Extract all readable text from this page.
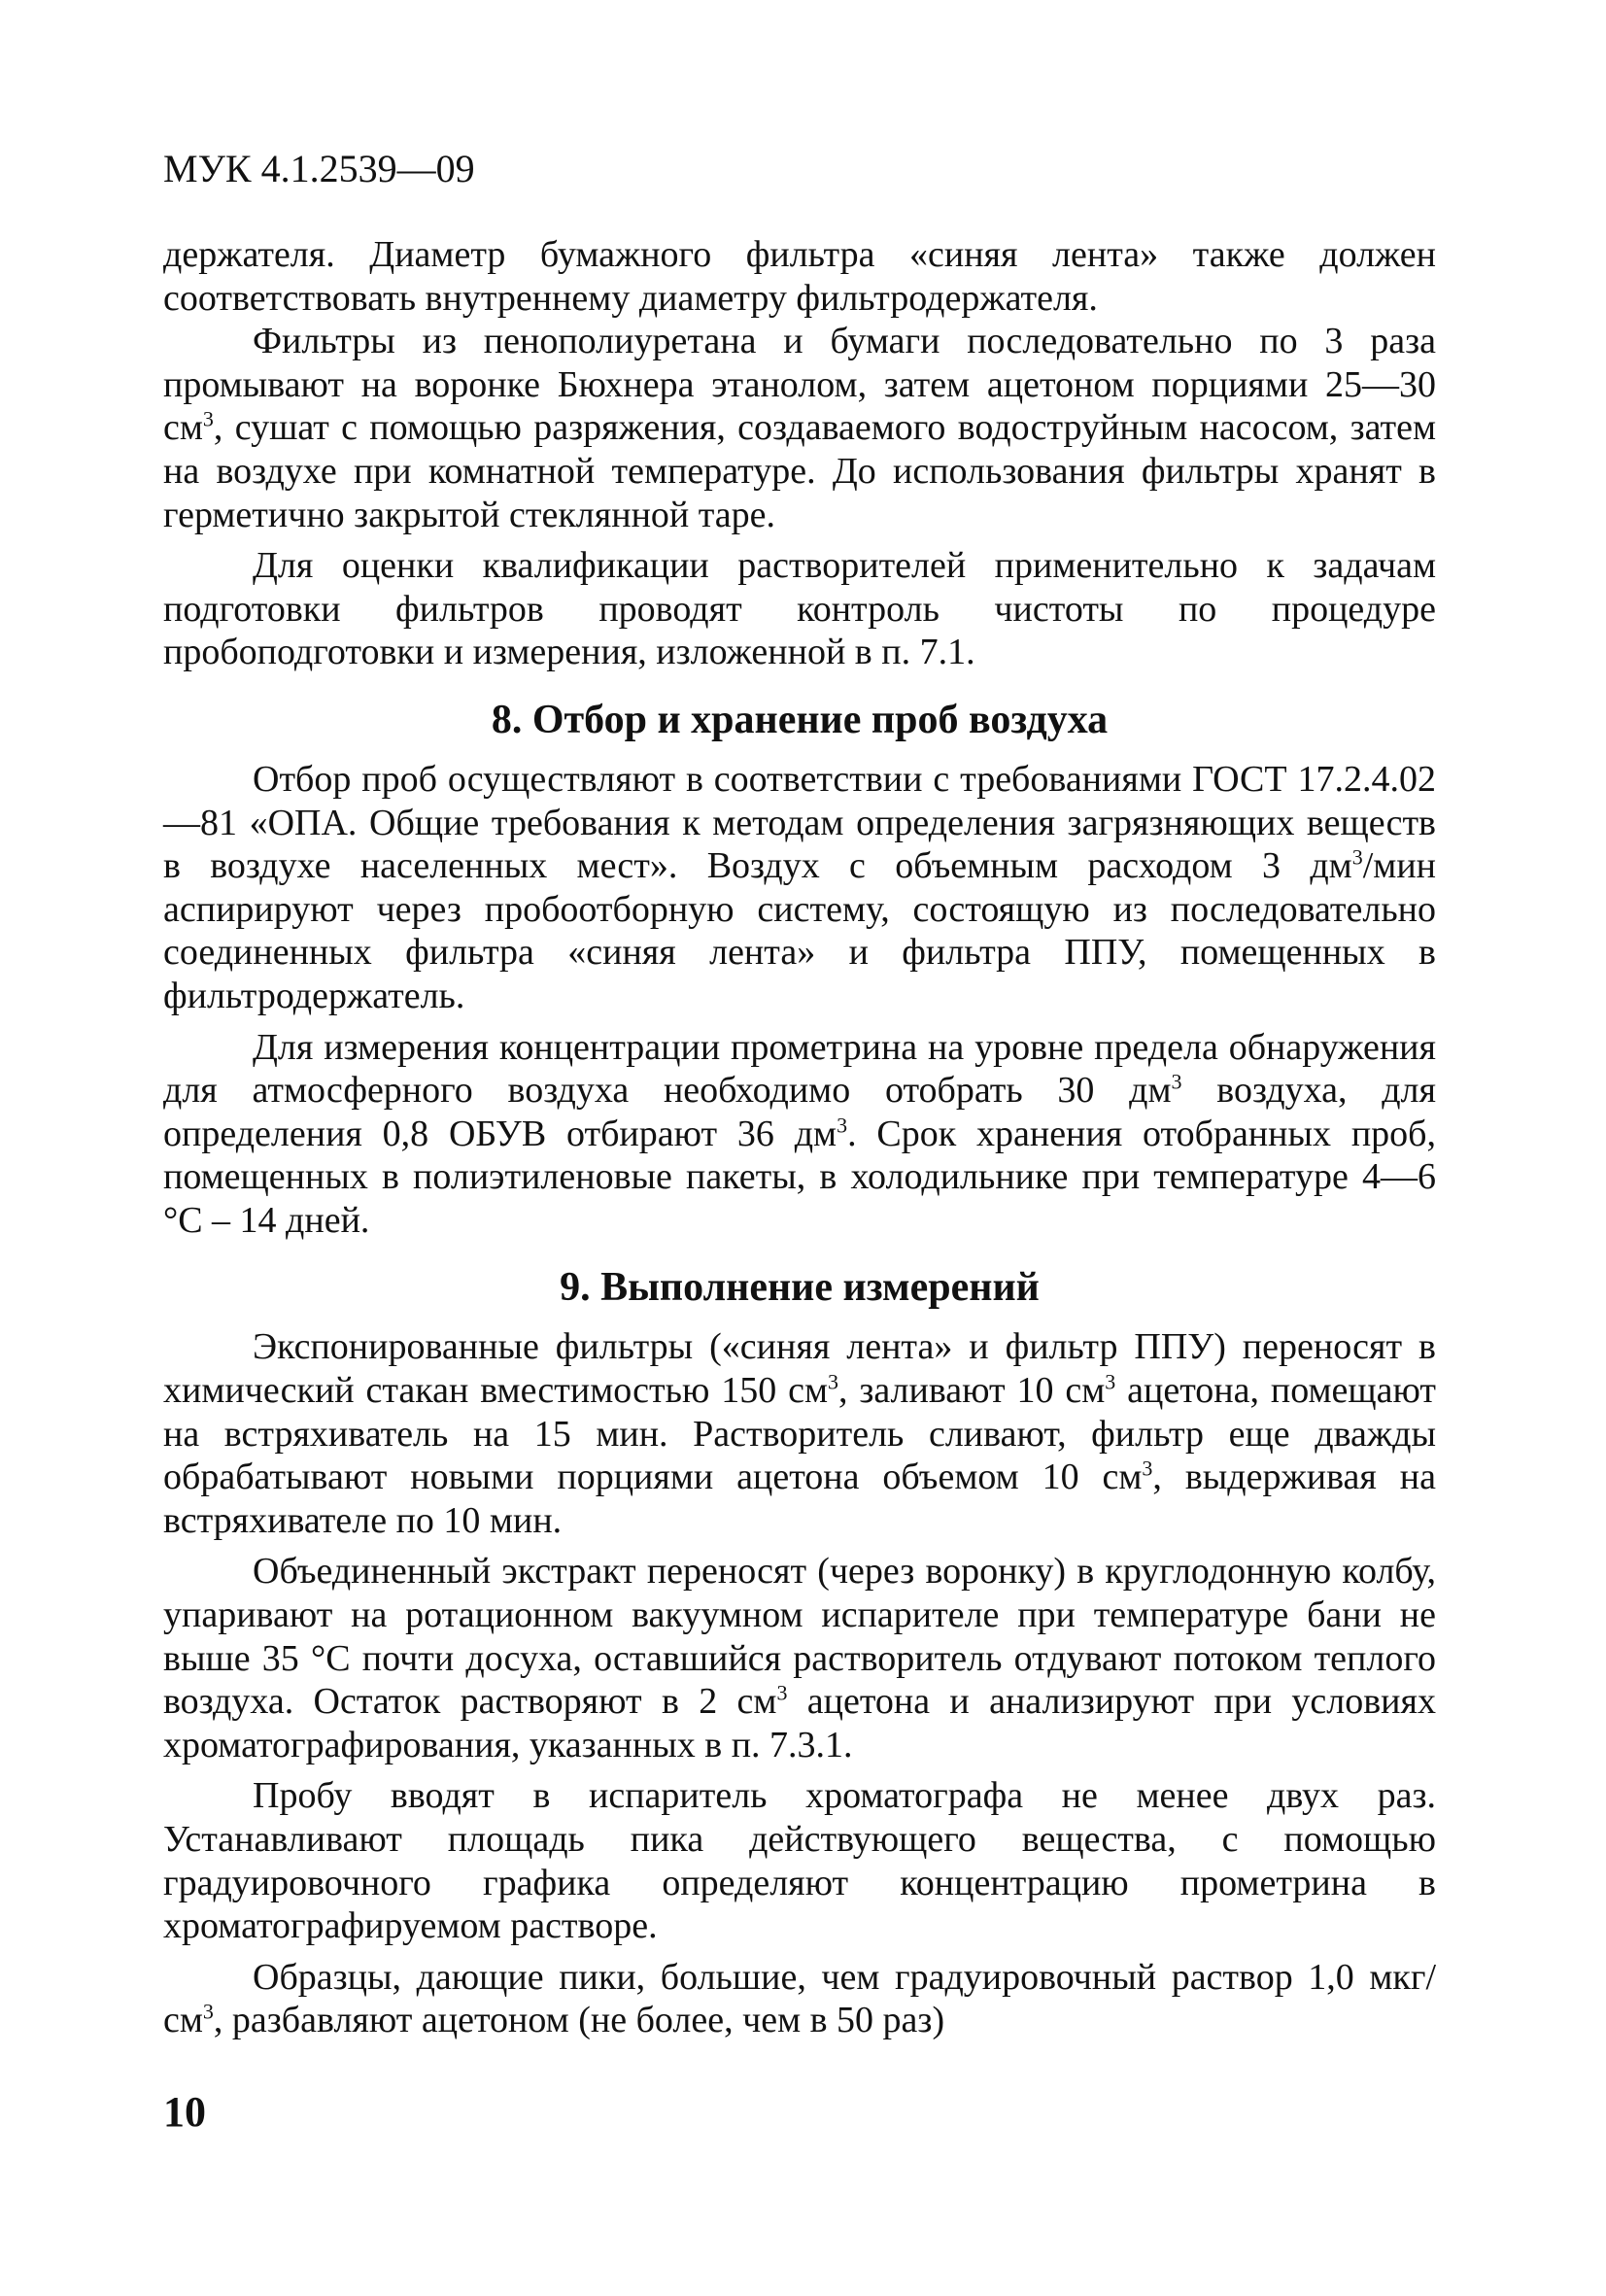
МУК 4.1.2539—09

держателя. Диаметр бумажного фильтра «синяя лента» также должен соответствовать внутреннему диаметру фильтродержателя.

Фильтры из пенополиуретана и бумаги последовательно по 3 раза промывают на воронке Бюхнера этанолом, затем ацетоном порциями 25—30 $см^3$, сушат с помощью разряжения, создаваемого водоструйным насосом, затем на воздухе при комнатной температуре. До использования фильтры хранят в герметично закрытой стеклянной таре.

Для оценки квалификации растворителей применительно к задачам подготовки фильтров проводят контроль чистоты по процедуре пробоподготовки и измерения, изложенной в п. 7.1.

8. Отбор и хранение проб воздуха

Отбор проб осуществляют в соответствии с требованиями ГОСТ 17.2.4.02—81 «ОПА. Общие требования к методам определения загрязняющих веществ в воздухе населенных мест». Воздух с объемным расходом 3 $дм^3$/мин аспирируют через пробоотборную систему, состоящую из последовательно соединенных фильтра «синяя лента» и фильтра ППУ, помещенных в фильтродержатель.

Для измерения концентрации прометрина на уровне предела обнаружения для атмосферного воздуха необходимо отобрать 30 $дм^3$ воздуха, для определения 0,8 ОБУВ отбирают 36 $дм^3$. Срок хранения отобранных проб, помещенных в полиэтиленовые пакеты, в холодильнике при температуре 4—6 °С – 14 дней.

9. Выполнение измерений

Экспонированные фильтры («синяя лента» и фильтр ППУ) переносят в химический стакан вместимостью 150 $см^3$, заливают 10 $см^3$ ацетона, помещают на встряхиватель на 15 мин. Растворитель сливают, фильтр еще дважды обрабатывают новыми порциями ацетона объемом 10 $см^3$, выдерживая на встряхивателе по 10 мин.

Объединенный экстракт переносят (через воронку) в круглодонную колбу, упаривают на ротационном вакуумном испарителе при температуре бани не выше 35 °С почти досуха, оставшийся растворитель отдувают потоком теплого воздуха. Остаток растворяют в 2 $см^3$ ацетона и анализируют при условиях хроматографирования, указанных в п. 7.3.1.

Пробу вводят в испаритель хроматографа не менее двух раз. Устанавливают площадь пика действующего вещества, с помощью градуировочного графика определяют концентрацию прометрина в хроматографируемом растворе.

Образцы, дающие пики, большие, чем градуировочный раствор 1,0 мкг/$см^3$, разбавляют ацетоном (не более, чем в 50 раз)

10
